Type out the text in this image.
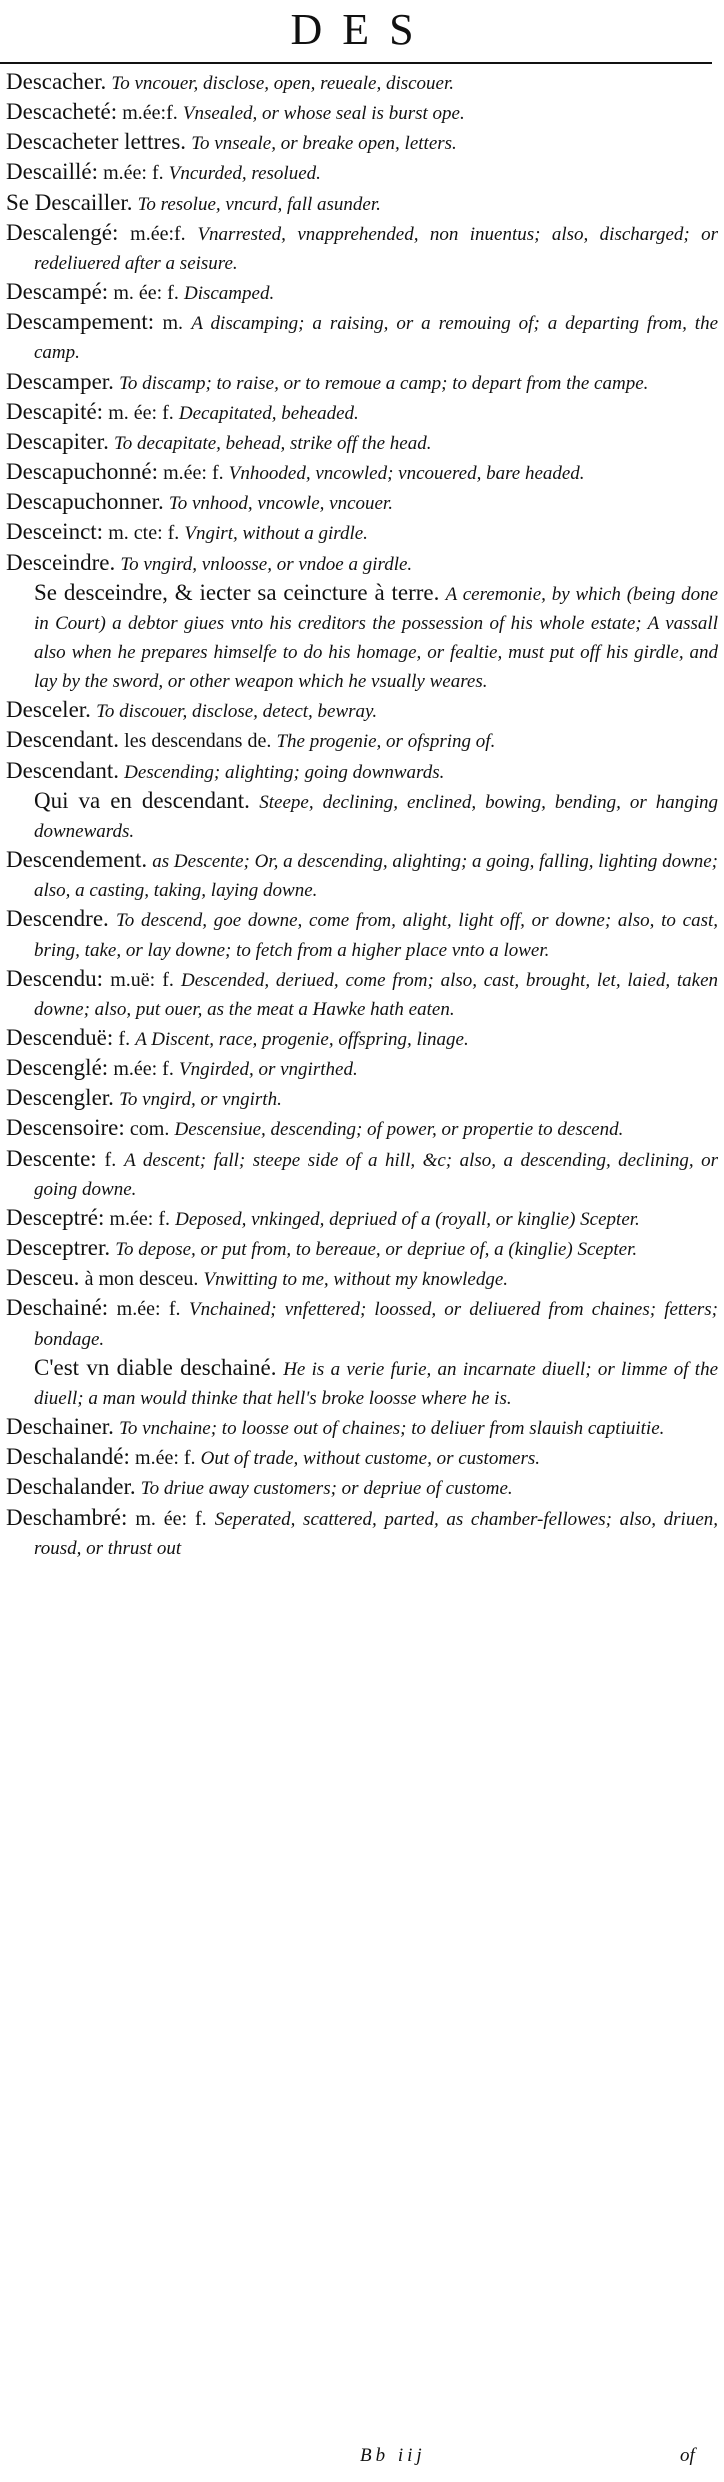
DES

Descacher. To vncouer, disclose, open, reueale, discouer.

Descacheté: m.ée:f. Vnsealed, or whose seal is burst ope.

Descacheter lettres. To vnseale, or breake open, letters.

Descaillé: m.ée: f. Vncurded, resolued.

Se Descailler. To resolue, vncurd, fall asunder.

Descalengé: m.ée:f. Vnarrested, vnapprehended, non inuentus; also, discharged; or redeliuered after a seisure.

Descampé: m. ée: f. Discamped.

Descampement: m. A discamping; a raising, or a remouing of; a departing from, the camp.

Descamper. To discamp; to raise, or to remoue a camp; to depart from the campe.

Descapité: m. ée: f. Decapitated, beheaded.

Descapiter. To decapitate, behead, strike off the head.

Descapuchonné: m.ée: f. Vnhooded, vncowled; vncouered, bare headed.

Descapuchonner. To vnhood, vncowle, vncouer.

Desceinct: m. cte: f. Vngirt, without a girdle.

Desceindre. To vngird, vnloosse, or vndoe a girdle.

Se desceindre, & iecter sa ceincture à terre. A ceremonie, by which (being done in Court) a debtor giues vnto his creditors the possession of his whole estate; A vassall also when he prepares himselfe to do his homage, or fealtie, must put off his girdle, and lay by the sword, or other weapon which he vsually weares.

Desceler. To discouer, disclose, detect, bewray.

Descendant. les descendans de. The progenie, or ofspring of.

Descendant. Descending; alighting; going downwards.

Qui va en descendant. Steepe, declining, enclined, bowing, bending, or hanging downewards.

Descendement. as Descente; Or, a descending, alighting; a going, falling, lighting downe; also, a casting, taking, laying downe.

Descendre. To descend, goe downe, come from, alight, light off, or downe; also, to cast, bring, take, or lay downe; to fetch from a higher place vnto a lower.

Descendu: m.uë: f. Descended, deriued, come from; also, cast, brought, let, laied, taken downe; also, put ouer, as the meat a Hawke hath eaten.

Descenduë: f. A Discent, race, progenie, offspring, linage.

Descenglé: m.ée: f. Vngirded, or vngirthed.

Descengler. To vngird, or vngirth.

Descensoire: com. Descensiue, descending; of power, or propertie to descend.

Descente: f. A descent; fall; steepe side of a hill, &c; also, a descending, declining, or going downe.

Desceptré: m.ée: f. Deposed, vnkinged, depriued of a (royall, or kinglie) Scepter.

Desceptrer. To depose, or put from, to bereaue, or depriue of, a (kinglie) Scepter.

Desceu. à mon desceu. Vnwitting to me, without my knowledge.

Deschainé: m.ée: f. Vnchained; vnfettered; loossed, or deliuered from chaines; fetters; bondage.

C'est vn diable deschainé. He is a verie furie, an incarnate diuell; or limme of the diuell; a man would thinke that hell's broke loosse where he is.

Deschainer. To vnchaine; to loosse out of chaines; to deliuer from slauish captiuitie.

Deschalandé: m.ée: f. Out of trade, without custome, or customers.

Deschalander. To driue away customers; or depriue of custome.

Deschambré: m. ée: f. Seperated, scattered, parted, as chamber-fellowes; also, driuen, rousd, or thrust out

Bb iij	of
